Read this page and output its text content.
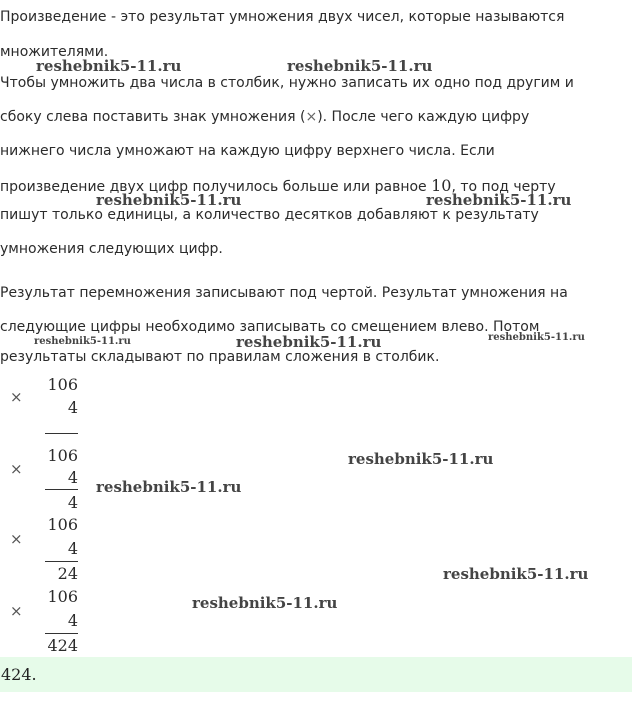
Произведение - это результат умножения двух чисел, которые называются
множителями.
Чтобы умножить два числа в столбик, нужно записать их одно под другим и
сбоку слева поставить знак умножения (×). После чего каждую цифру
нижнего числа умножают на каждую цифру верхнего числа. Если
произведение двух цифр получилось больше или равное 10, то под черту
пишут только единицы, а количество десятков добавляют к результату
умножения следующих цифр.
Результат перемножения записывают под чертой. Результат умножения на
следующие цифры необходимо записывать со смещением влево. Потом
результаты складывают по правилам сложения в столбик.
reshebnik5-11.ru	reshebnik5-11.ru
reshebnik5-11.ru	reshebnik5-11.ru
reshebnik5-11.ru	reshebnik5-11.ru	reshebnik5-11.ru
reshebnik5-11.ru
reshebnik5-11.ru
reshebnik5-11.ru
reshebnik5-11.ru
×
106
4
×
106
4
4
×
106
4
24
×
106
4
424
424.
